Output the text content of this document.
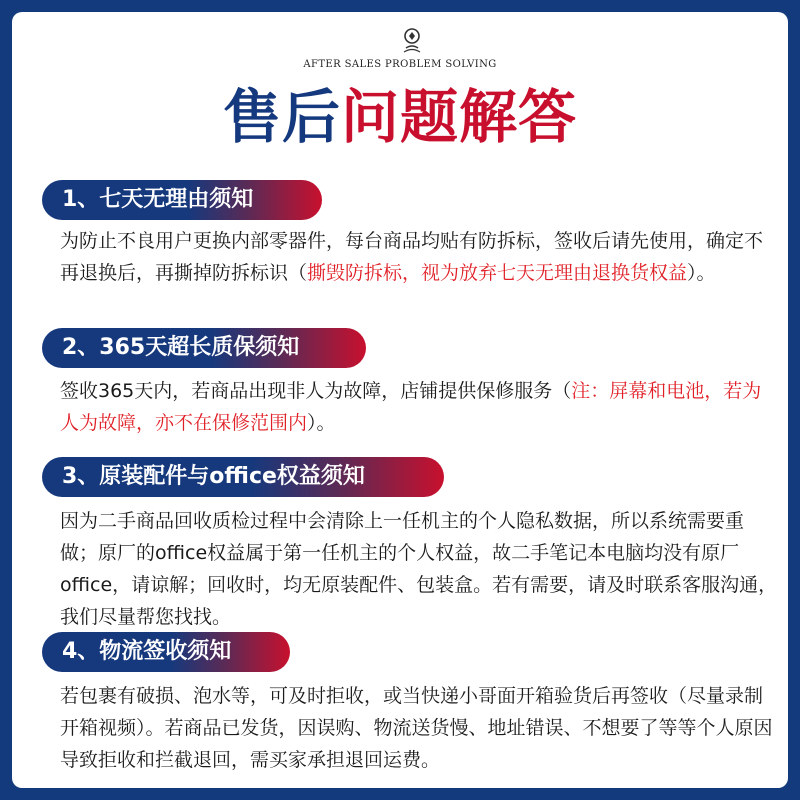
AFTER SALES PROBLEM SOLVING
售后问题解答
1、七天无理由须知

为防止不良用户更换内部零器件，每台商品均贴有防拆标，签收后请先使用，确定不再退换后，再撕掉防拆标识（撕毁防拆标，视为放弃七天无理由退换货权益）。

2、365天超长质保须知

签收365天内，若商品出现非人为故障，店铺提供保修服务（注：屏幕和电池，若为人为故障，亦不在保修范围内）。

3、原装配件与office权益须知

因为二手商品回收质检过程中会清除上一任机主的个人隐私数据，所以系统需要重做；原厂的office权益属于第一任机主的个人权益，故二手笔记本电脑均没有原厂office，请谅解；回收时，均无原装配件、包装盒。若有需要，请及时联系客服沟通，我们尽量帮您找找。

4、物流签收须知

若包裹有破损、泡水等，可及时拒收，或当快递小哥面开箱验货后再签收（尽量录制开箱视频）。若商品已发货，因误购、物流送货慢、地址错误、不想要了等等个人原因导致拒收和拦截退回，需买家承担退回运费。
